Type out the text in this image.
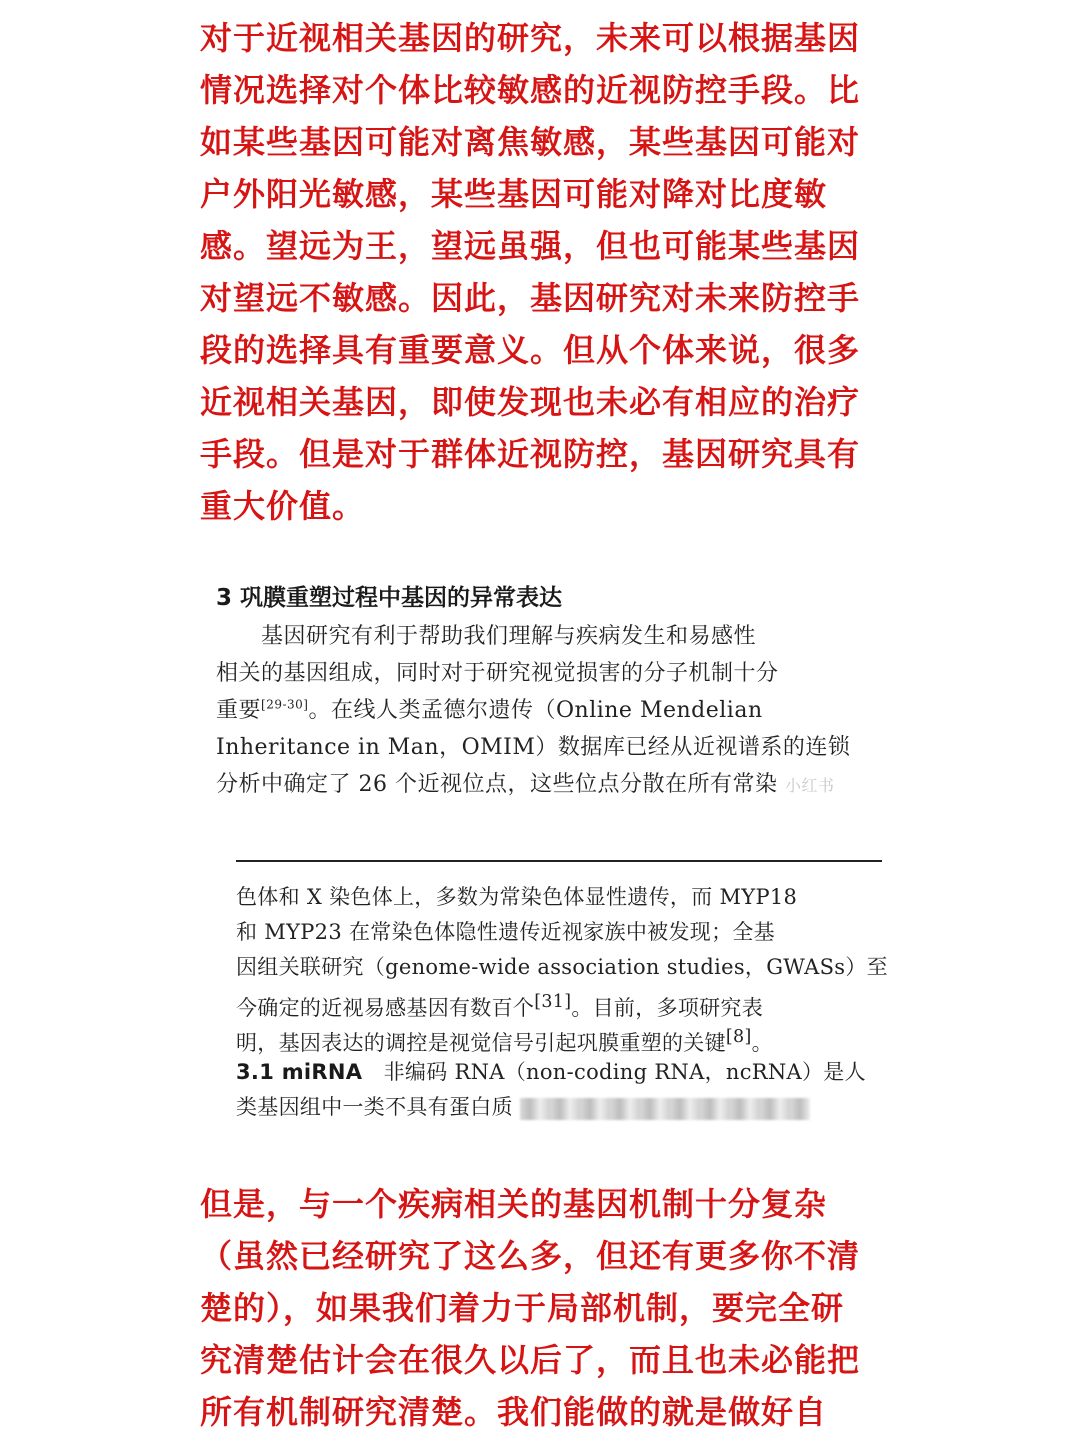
对于近视相关基因的研究，未来可以根据基因
情况选择对个体比较敏感的近视防控手段。比
如某些基因可能对离焦敏感，某些基因可能对
户外阳光敏感，某些基因可能对降对比度敏
感。望远为王，望远虽强，但也可能某些基因
对望远不敏感。因此，基因研究对未来防控手
段的选择具有重要意义。但从个体来说，很多
近视相关基因，即使发现也未必有相应的治疗
手段。但是对于群体近视防控，基因研究具有
重大价值。
3 巩膜重塑过程中基因的异常表达
　　基因研究有利于帮助我们理解与疾病发生和易感性
相关的基因组成，同时对于研究视觉损害的分子机制十分
重要[29-30]。在线人类孟德尔遗传（Online Mendelian
Inheritance in Man，OMIM）数据库已经从近视谱系的连锁
分析中确定了 26 个近视位点，这些位点分散在所有常染 小红书
色体和 X 染色体上，多数为常染色体显性遗传，而 MYP18
和 MYP23 在常染色体隐性遗传近视家族中被发现；全基
因组关联研究（genome-wide association studies，GWASs）至
今确定的近视易感基因有数百个[31]。目前，多项研究表
明，基因表达的调控是视觉信号引起巩膜重塑的关键[8]。
3.1 miRNA　非编码 RNA（non-coding RNA，ncRNA）是人
类基因组中一类不具有蛋白质
但是，与一个疾病相关的基因机制十分复杂
（虽然已经研究了这么多，但还有更多你不清
楚的），如果我们着力于局部机制，要完全研
究清楚估计会在很久以后了，而且也未必能把
所有机制研究清楚。我们能做的就是做好自
